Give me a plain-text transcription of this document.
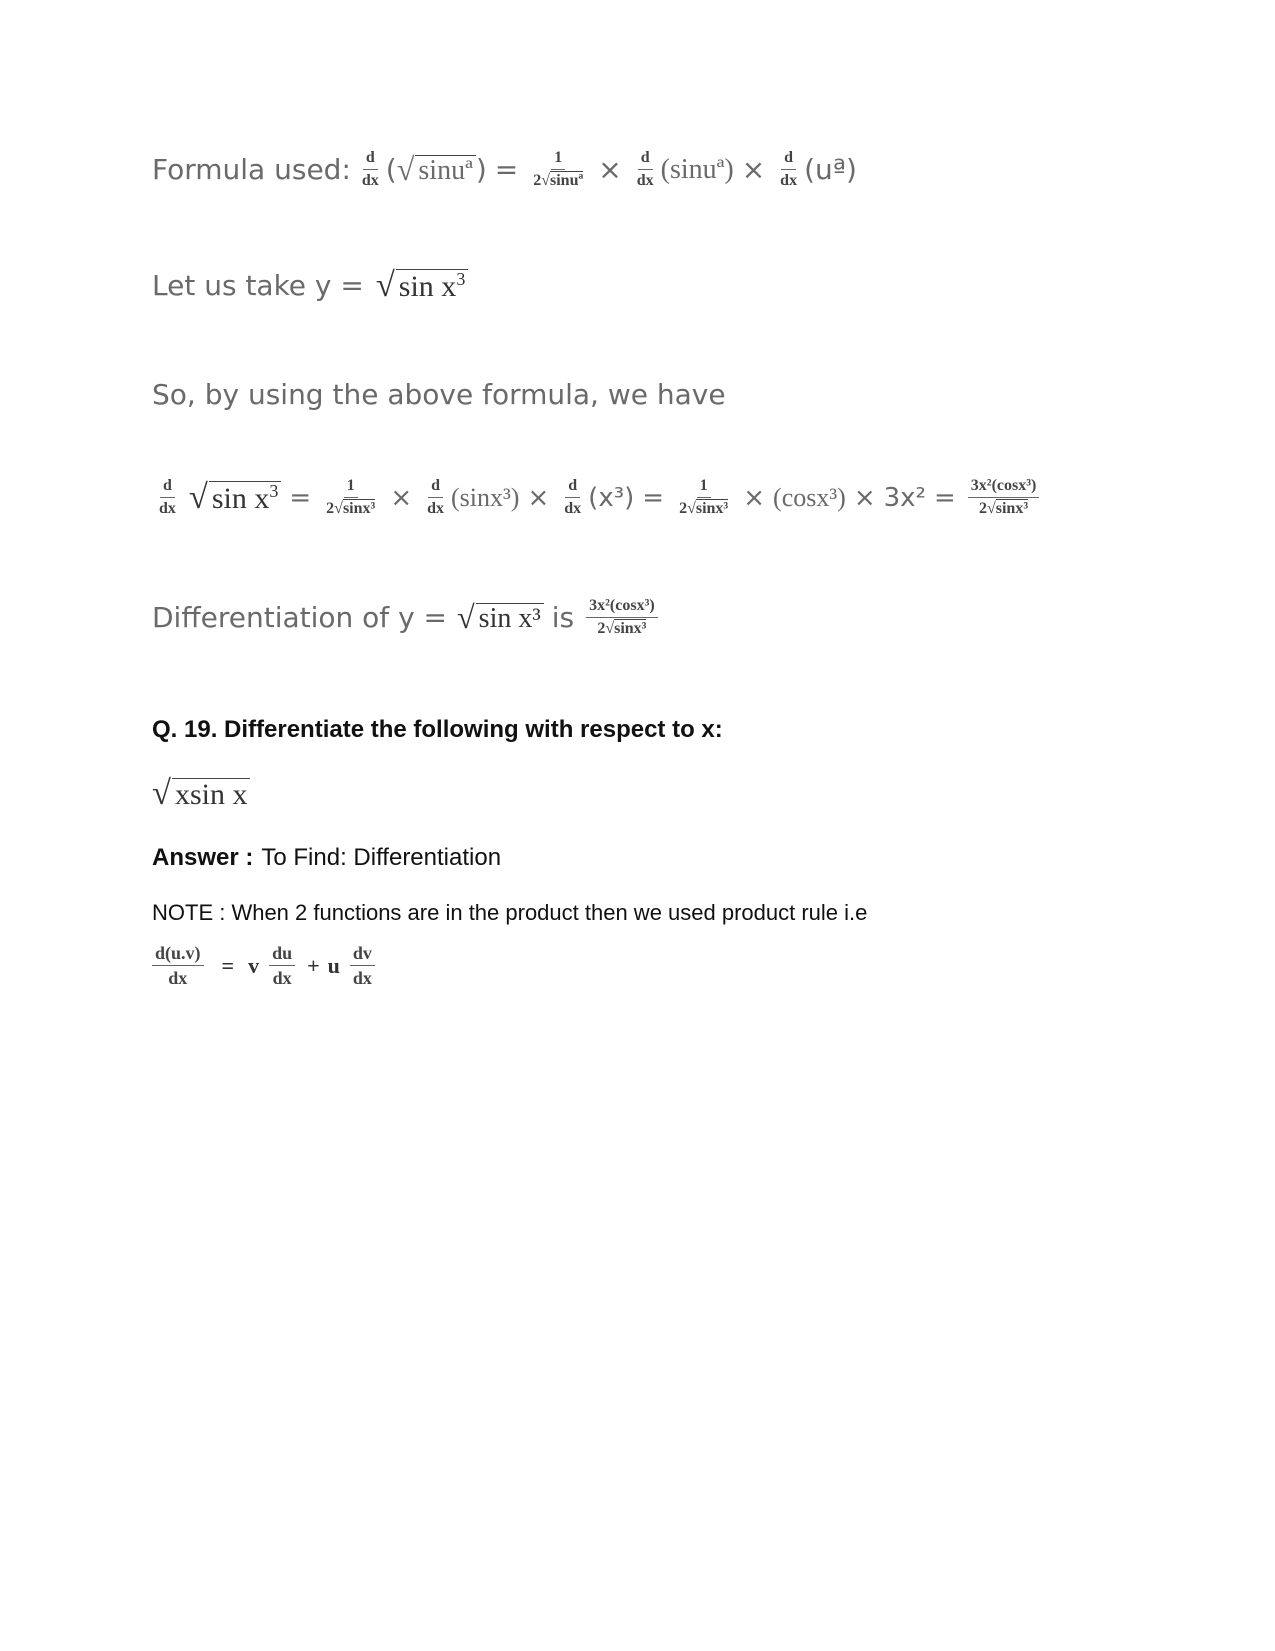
Formula used: $\frac{d}{dx}$ ( √ sinuª ) = $\frac{1}{\text{2√sinuª}} \times \frac{d}{dx}$ (sinuª) × $\frac{d}{dx}$ (uª)
Let us take y = √ $\sin x^3$
So, by using the above formula, we have
$\frac{d}{dx}$ √ $\sin x^3 = \frac{1}{\text{2√sinx³}} \times \frac{d}{dx} (\sin x^3) \times \frac{d}{dx} (x^3) = \frac{1}{\text{2√sinx³}} \times (\cos x^3) \times 3x^2 = \frac{\text{3x²(cosx³)}}{\text{2√sinx³}}$
Differentiation of y = √ sin x³ is $\frac{\text{3x²(cosx³)}}{\text{2√sinx³}}$
Q. 19. Differentiate the following with respect to x:
√ xsin x
Answer : To Find: Differentiation
NOTE : When 2 functions are in the product then we used product rule i.e
$\frac{d(u.v)}{dx} = v \frac{du}{dx} + u \frac{dv}{dx}$
